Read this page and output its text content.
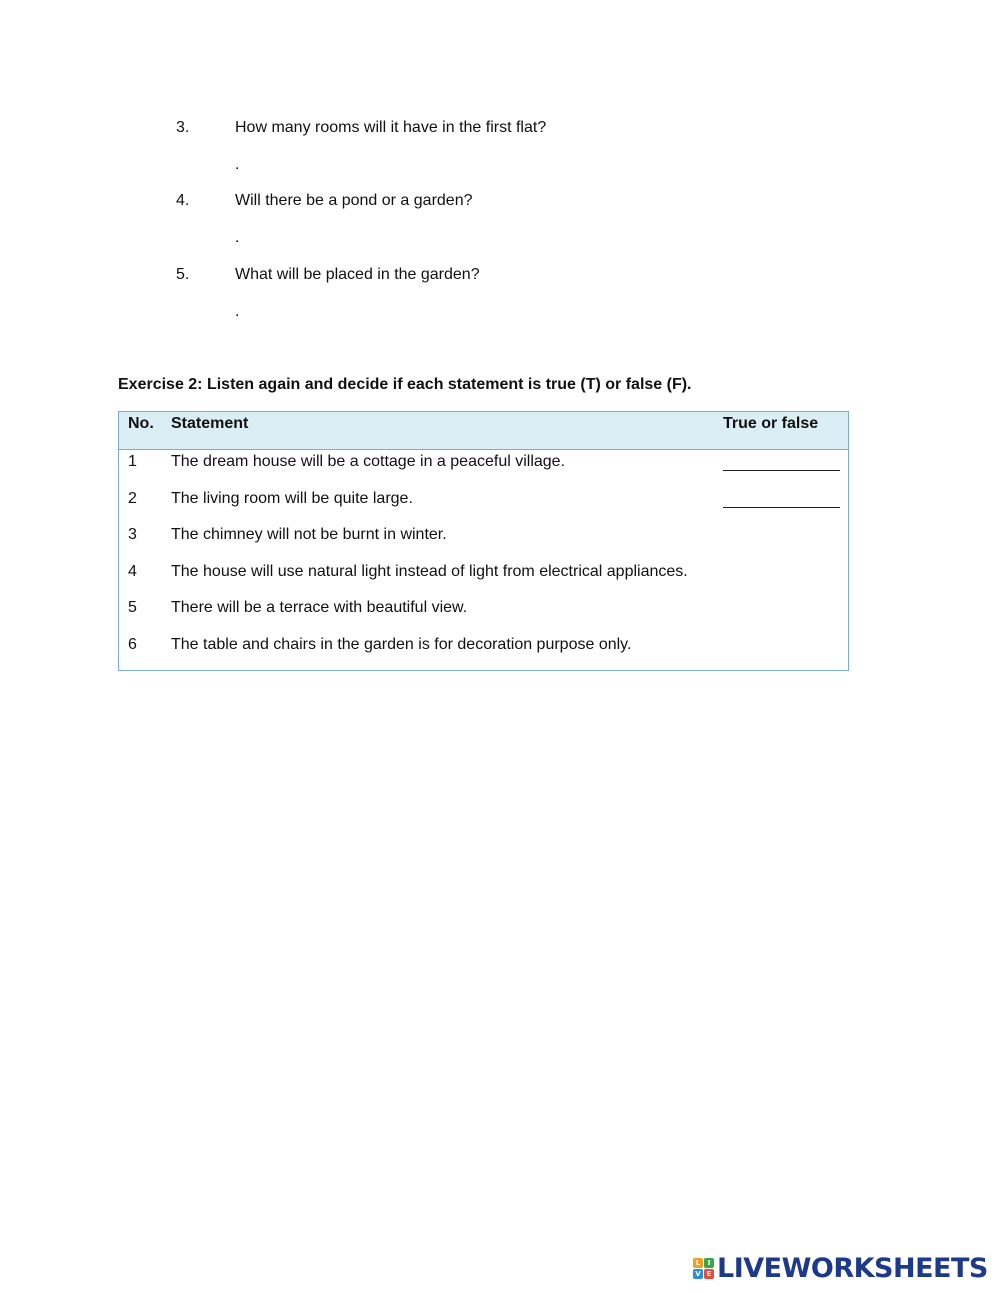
3.	How many rooms will it have in the first flat?
.
4.	Will there be a pond or a garden?
.
5.	What will be placed in the garden?
.
Exercise 2: Listen again and decide if each statement is true (T) or false (F).
No. Statement	True or false
1 The dream house will be a cottage in a peaceful village.
2 The living room will be quite large.
3 The chimney will not be burnt in winter.
4 The house will use natural light instead of light from electrical appliances.
5 There will be a terrace with beautiful view.
6 The table and chairs in the garden is for decoration purpose only.
L	I
V E LIVEWORKSHEETS
